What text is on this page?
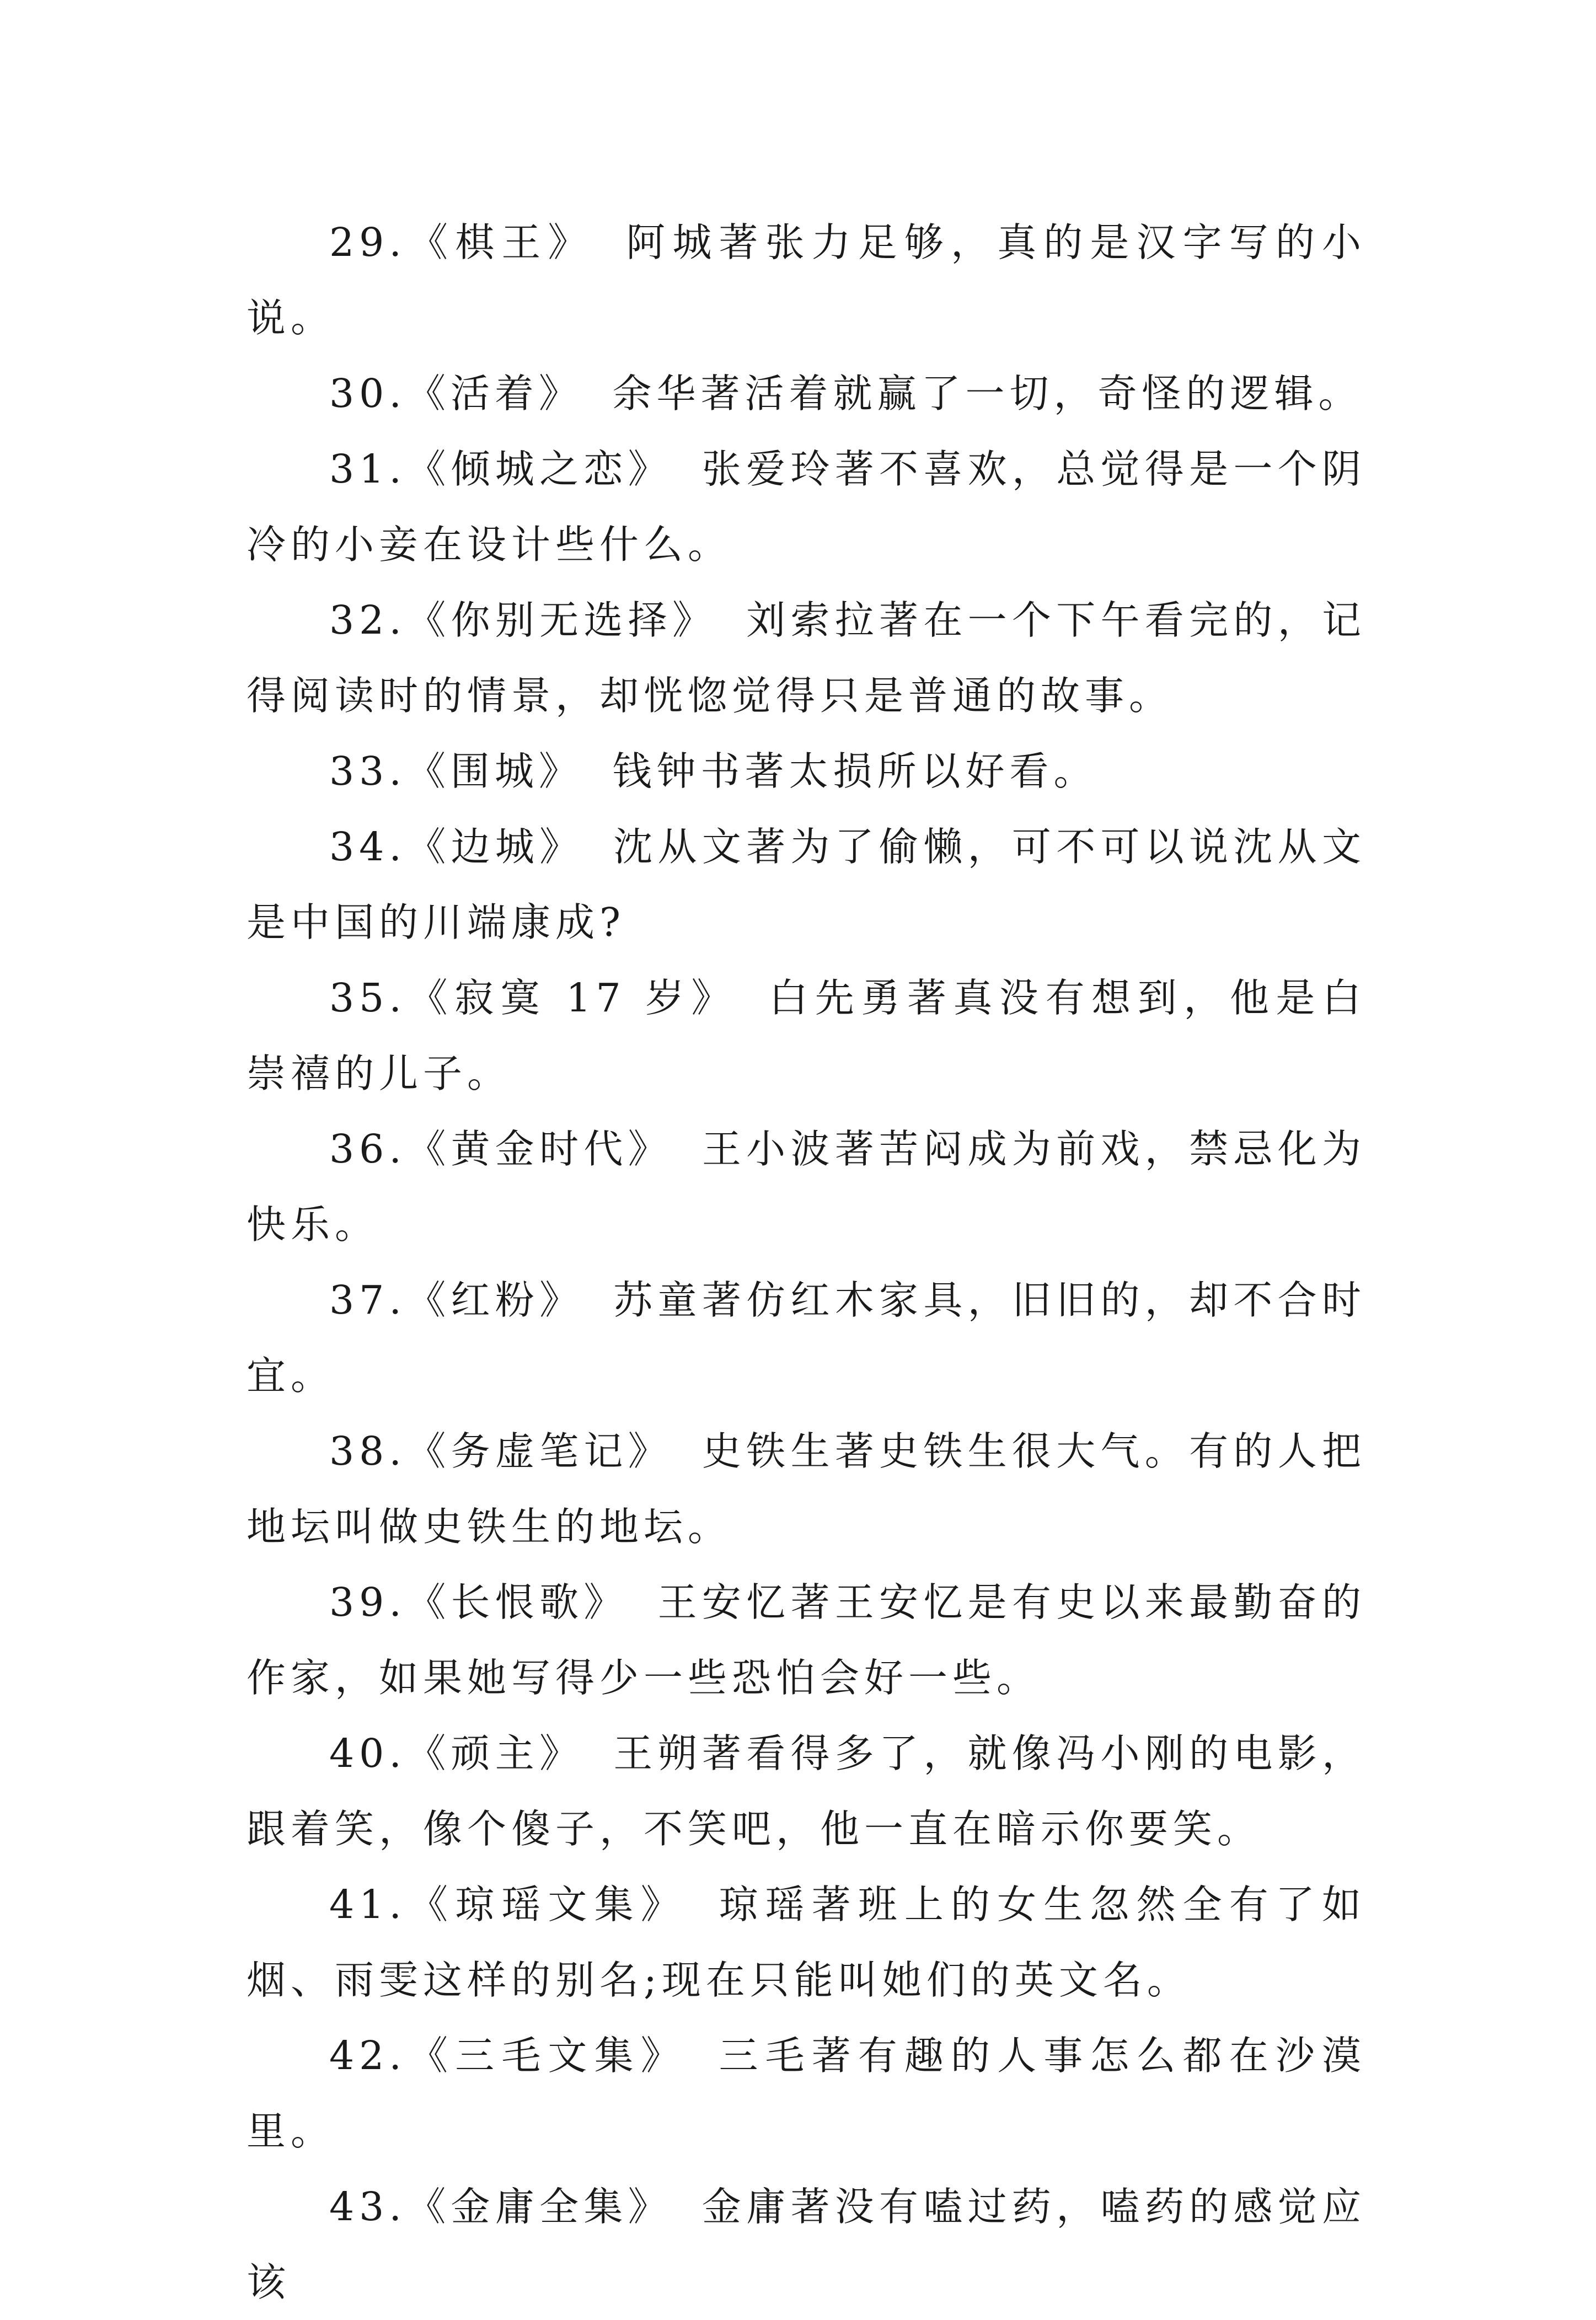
29.《棋王》 阿城著张力足够，真的是汉字写的小说。

30.《活着》 余华著活着就赢了一切，奇怪的逻辑。

31.《倾城之恋》 张爱玲著不喜欢，总觉得是一个阴冷的小妾在设计些什么。

32.《你别无选择》 刘索拉著在一个下午看完的，记得阅读时的情景，却恍惚觉得只是普通的故事。

33.《围城》 钱钟书著太损所以好看。

34.《边城》 沈从文著为了偷懒，可不可以说沈从文是中国的川端康成?

35.《寂寞 17 岁》 白先勇著真没有想到，他是白崇禧的儿子。

36.《黄金时代》 王小波著苦闷成为前戏，禁忌化为快乐。

37.《红粉》 苏童著仿红木家具，旧旧的，却不合时宜。

38.《务虚笔记》 史铁生著史铁生很大气。有的人把地坛叫做史铁生的地坛。

39.《长恨歌》 王安忆著王安忆是有史以来最勤奋的作家，如果她写得少一些恐怕会好一些。

40.《顽主》 王朔著看得多了，就像冯小刚的电影，跟着笑，像个傻子，不笑吧，他一直在暗示你要笑。

41.《琼瑶文集》 琼瑶著班上的女生忽然全有了如烟、雨雯这样的别名;现在只能叫她们的英文名。

42.《三毛文集》 三毛著有趣的人事怎么都在沙漠里。

43.《金庸全集》 金庸著没有嗑过药，嗑药的感觉应该
